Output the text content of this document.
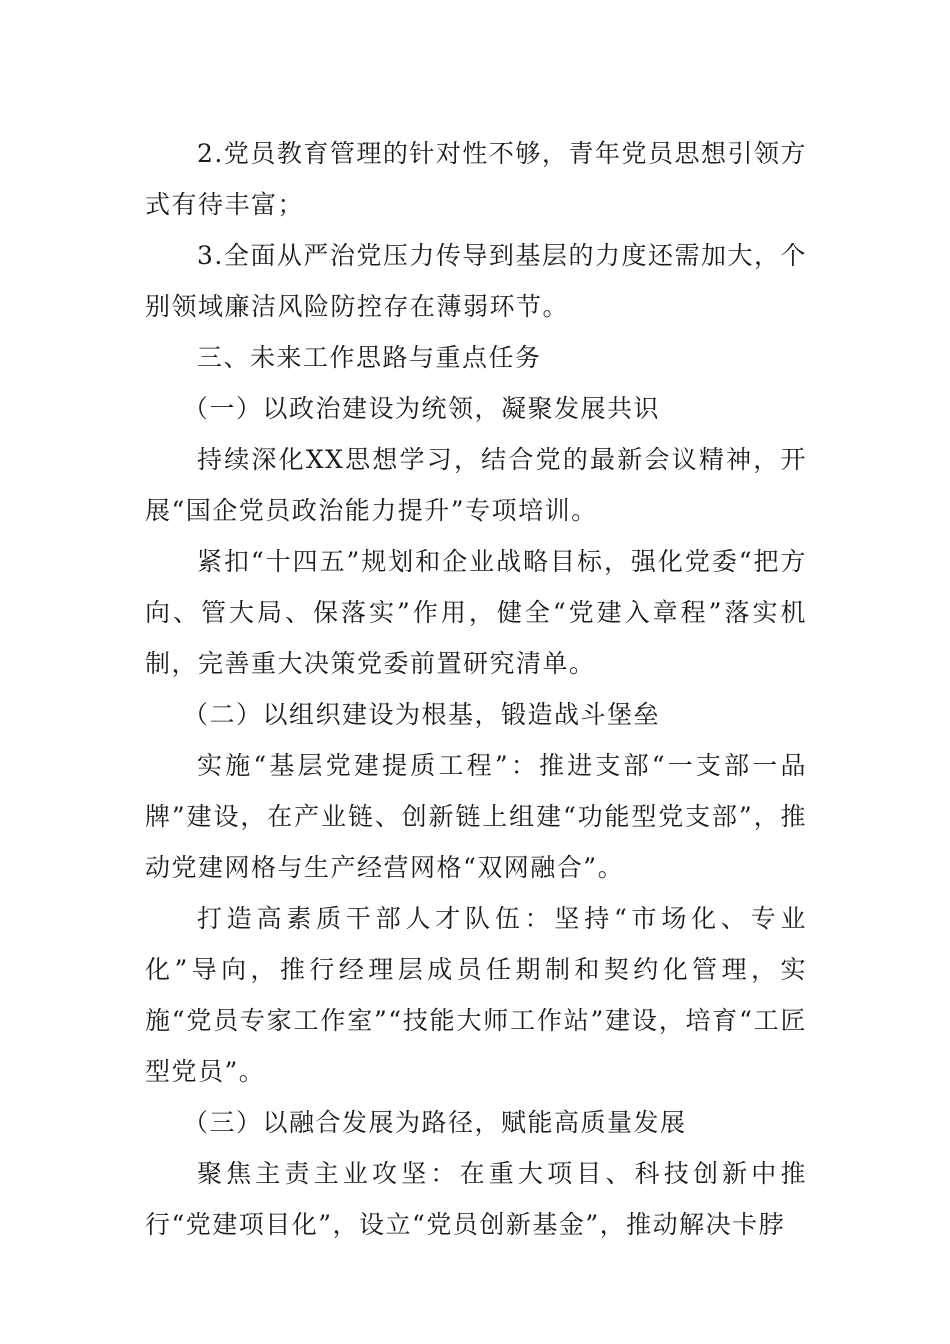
2.党员教育管理的针对性不够，青年党员思想引领方式有待丰富；

3.全面从严治党压力传导到基层的力度还需加大，个别领域廉洁风险防控存在薄弱环节。

三、未来工作思路与重点任务

（一）以政治建设为统领，凝聚发展共识

持续深化XX思想学习，结合党的最新会议精神，开展“国企党员政治能力提升”专项培训。

紧扣“十四五”规划和企业战略目标，强化党委“把方向、管大局、保落实”作用，健全“党建入章程”落实机制，完善重大决策党委前置研究清单。

（二）以组织建设为根基，锻造战斗堡垒

实施“基层党建提质工程”：推进支部“一支部一品牌”建设，在产业链、创新链上组建“功能型党支部”，推动党建网格与生产经营网格“双网融合”。

打造高素质干部人才队伍：坚持“市场化、专业化”导向，推行经理层成员任期制和契约化管理，实施“党员专家工作室”“技能大师工作站”建设，培育“工匠型党员”。

（三）以融合发展为路径，赋能高质量发展

聚焦主责主业攻坚：在重大项目、科技创新中推行“党建项目化”，设立“党员创新基金”，推动解决卡脖
